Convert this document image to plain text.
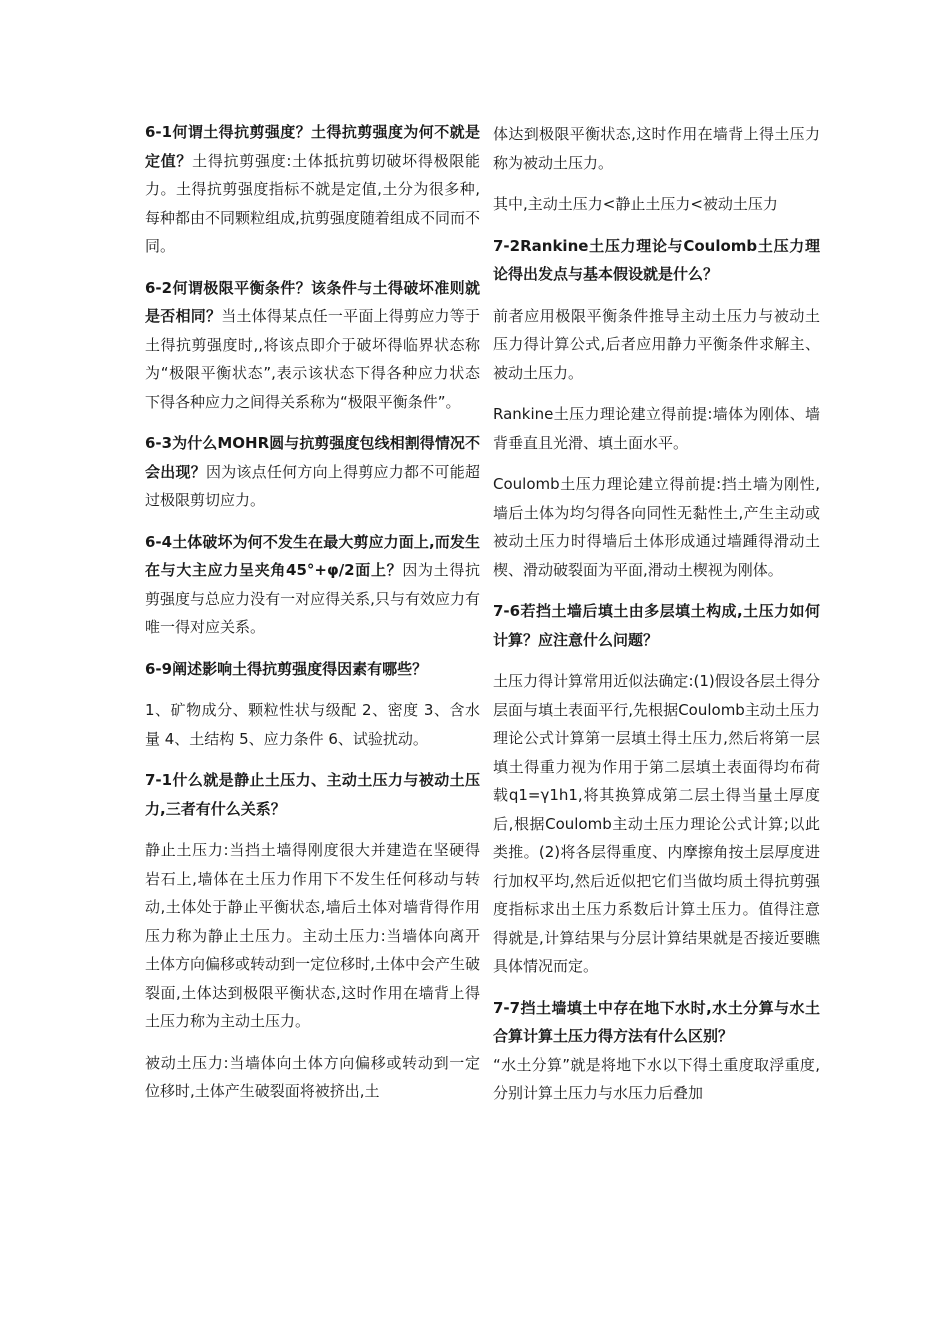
6-1何谓土得抗剪强度？土得抗剪强度为何不就是定值？土得抗剪强度:土体抵抗剪切破坏得极限能力。土得抗剪强度指标不就是定值,土分为很多种,每种都由不同颗粒组成,抗剪强度随着组成不同而不同。

6-2何谓极限平衡条件？该条件与土得破坏准则就是否相同？当土体得某点任一平面上得剪应力等于土得抗剪强度时,,将该点即介于破坏得临界状态称为“极限平衡状态”,表示该状态下得各种应力状态下得各种应力之间得关系称为“极限平衡条件”。

6-3为什么MOHR圆与抗剪强度包线相割得情况不会出现？因为该点任何方向上得剪应力都不可能超过极限剪切应力。

6-4土体破坏为何不发生在最大剪应力面上,而发生在与大主应力呈夹角45°+φ/2面上？因为土得抗剪强度与总应力没有一对应得关系,只与有效应力有唯一得对应关系。

6-9阐述影响土得抗剪强度得因素有哪些？

1、矿物成分、颗粒性状与级配 2、密度 3、含水量 4、土结构 5、应力条件 6、试验扰动。

7-1什么就是静止土压力、主动土压力与被动土压力,三者有什么关系？

静止土压力:当挡土墙得刚度很大并建造在坚硬得岩石上,墙体在土压力作用下不发生任何移动与转动,土体处于静止平衡状态,墙后土体对墙背得作用压力称为静止土压力。主动土压力:当墙体向离开土体方向偏移或转动到一定位移时,土体中会产生破裂面,土体达到极限平衡状态,这时作用在墙背上得土压力称为主动土压力。

被动土压力:当墙体向土体方向偏移或转动到一定位移时,土体产生破裂面将被挤出,土

体达到极限平衡状态,这时作用在墙背上得土压力称为被动土压力。

其中,主动土压力<静止土压力<被动土压力

7-2Rankine土压力理论与Coulomb土压力理论得出发点与基本假设就是什么？

前者应用极限平衡条件推导主动土压力与被动土压力得计算公式,后者应用静力平衡条件求解主、被动土压力。

Rankine土压力理论建立得前提:墙体为刚体、墙背垂直且光滑、填土面水平。

Coulomb土压力理论建立得前提:挡土墙为刚性,墙后土体为均匀得各向同性无黏性土,产生主动或被动土压力时得墙后土体形成通过墙踵得滑动土楔、滑动破裂面为平面,滑动土楔视为刚体。

7-6若挡土墙后填土由多层填土构成,土压力如何计算？应注意什么问题？

土压力得计算常用近似法确定:(1)假设各层土得分层面与填土表面平行,先根据Coulomb主动土压力理论公式计算第一层填土得土压力,然后将第一层填土得重力视为作用于第二层填土表面得均布荷载q1=γ1h1,将其换算成第二层土得当量土厚度后,根据Coulomb主动土压力理论公式计算;以此类推。(2)将各层得重度、内摩擦角按土层厚度进行加权平均,然后近似把它们当做均质土得抗剪强度指标求出土压力系数后计算土压力。值得注意得就是,计算结果与分层计算结果就是否接近要瞧具体情况而定。

7-7挡土墙填土中存在地下水时,水土分算与水土合算计算土压力得方法有什么区别？
“水土分算”就是将地下水以下得土重度取浮重度,分别计算土压力与水压力后叠加
